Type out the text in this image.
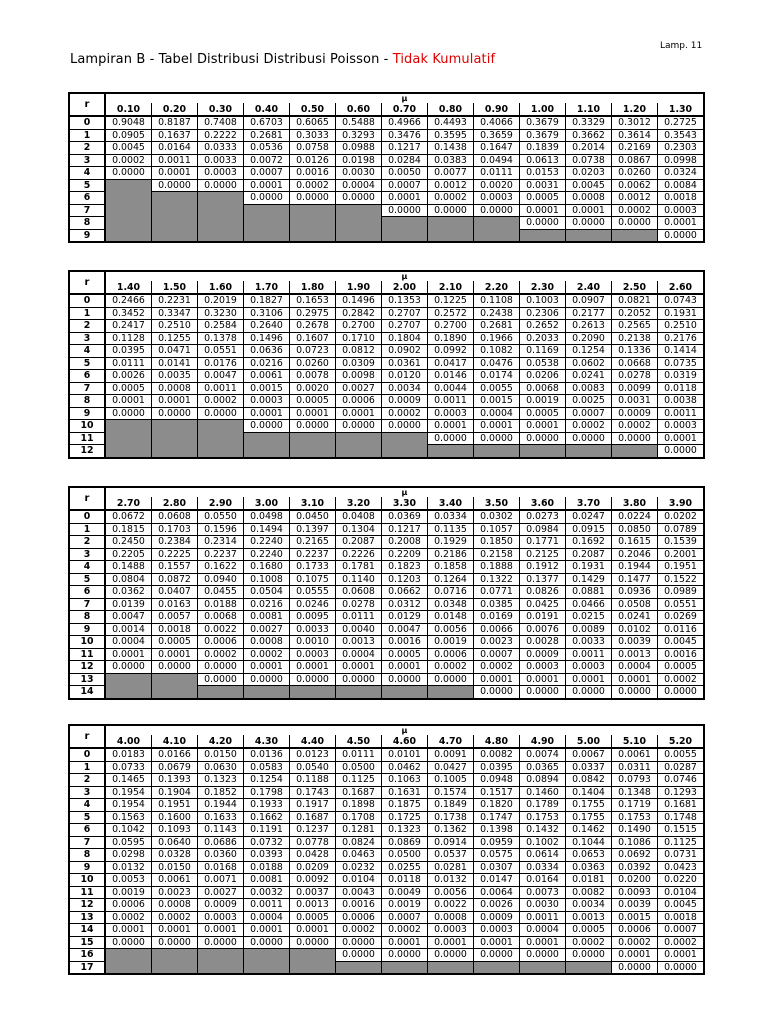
Lamp. 11
Lampiran B - Tabel Distribusi Distribusi Poisson - Tidak Kumulatif
r	μ												
	0.10	0.20	0.30	0.40	0.50	0.60	0.70	0.80	0.90	1.00	1.10	1.20	1.30
0	0.9048	0.8187	0.7408	0.6703	0.6065	0.5488	0.4966	0.4493	0.4066	0.3679	0.3329	0.3012	0.2725
1	0.0905	0.1637	0.2222	0.2681	0.3033	0.3293	0.3476	0.3595	0.3659	0.3679	0.3662	0.3614	0.3543
2	0.0045	0.0164	0.0333	0.0536	0.0758	0.0988	0.1217	0.1438	0.1647	0.1839	0.2014	0.2169	0.2303
3	0.0002	0.0011	0.0033	0.0072	0.0126	0.0198	0.0284	0.0383	0.0494	0.0613	0.0738	0.0867	0.0998
4	0.0000	0.0001	0.0003	0.0007	0.0016	0.0030	0.0050	0.0077	0.0111	0.0153	0.0203	0.0260	0.0324
5		0.0000	0.0000	0.0001	0.0002	0.0004	0.0007	0.0012	0.0020	0.0031	0.0045	0.0062	0.0084
6				0.0000	0.0000	0.0000	0.0001	0.0002	0.0003	0.0005	0.0008	0.0012	0.0018
7							0.0000	0.0000	0.0000	0.0001	0.0001	0.0002	0.0003
8										0.0000	0.0000	0.0000	0.0001
9													0.0000
r	μ												
	1.40	1.50	1.60	1.70	1.80	1.90	2.00	2.10	2.20	2.30	2.40	2.50	2.60
0	0.2466	0.2231	0.2019	0.1827	0.1653	0.1496	0.1353	0.1225	0.1108	0.1003	0.0907	0.0821	0.0743
1	0.3452	0.3347	0.3230	0.3106	0.2975	0.2842	0.2707	0.2572	0.2438	0.2306	0.2177	0.2052	0.1931
2	0.2417	0.2510	0.2584	0.2640	0.2678	0.2700	0.2707	0.2700	0.2681	0.2652	0.2613	0.2565	0.2510
3	0.1128	0.1255	0.1378	0.1496	0.1607	0.1710	0.1804	0.1890	0.1966	0.2033	0.2090	0.2138	0.2176
4	0.0395	0.0471	0.0551	0.0636	0.0723	0.0812	0.0902	0.0992	0.1082	0.1169	0.1254	0.1336	0.1414
5	0.0111	0.0141	0.0176	0.0216	0.0260	0.0309	0.0361	0.0417	0.0476	0.0538	0.0602	0.0668	0.0735
6	0.0026	0.0035	0.0047	0.0061	0.0078	0.0098	0.0120	0.0146	0.0174	0.0206	0.0241	0.0278	0.0319
7	0.0005	0.0008	0.0011	0.0015	0.0020	0.0027	0.0034	0.0044	0.0055	0.0068	0.0083	0.0099	0.0118
8	0.0001	0.0001	0.0002	0.0003	0.0005	0.0006	0.0009	0.0011	0.0015	0.0019	0.0025	0.0031	0.0038
9	0.0000	0.0000	0.0000	0.0001	0.0001	0.0001	0.0002	0.0003	0.0004	0.0005	0.0007	0.0009	0.0011
10				0.0000	0.0000	0.0000	0.0000	0.0001	0.0001	0.0001	0.0002	0.0002	0.0003
11								0.0000	0.0000	0.0000	0.0000	0.0000	0.0001
12													0.0000
r	μ												
	2.70	2.80	2.90	3.00	3.10	3.20	3.30	3.40	3.50	3.60	3.70	3.80	3.90
0	0.0672	0.0608	0.0550	0.0498	0.0450	0.0408	0.0369	0.0334	0.0302	0.0273	0.0247	0.0224	0.0202
1	0.1815	0.1703	0.1596	0.1494	0.1397	0.1304	0.1217	0.1135	0.1057	0.0984	0.0915	0.0850	0.0789
2	0.2450	0.2384	0.2314	0.2240	0.2165	0.2087	0.2008	0.1929	0.1850	0.1771	0.1692	0.1615	0.1539
3	0.2205	0.2225	0.2237	0.2240	0.2237	0.2226	0.2209	0.2186	0.2158	0.2125	0.2087	0.2046	0.2001
4	0.1488	0.1557	0.1622	0.1680	0.1733	0.1781	0.1823	0.1858	0.1888	0.1912	0.1931	0.1944	0.1951
5	0.0804	0.0872	0.0940	0.1008	0.1075	0.1140	0.1203	0.1264	0.1322	0.1377	0.1429	0.1477	0.1522
6	0.0362	0.0407	0.0455	0.0504	0.0555	0.0608	0.0662	0.0716	0.0771	0.0826	0.0881	0.0936	0.0989
7	0.0139	0.0163	0.0188	0.0216	0.0246	0.0278	0.0312	0.0348	0.0385	0.0425	0.0466	0.0508	0.0551
8	0.0047	0.0057	0.0068	0.0081	0.0095	0.0111	0.0129	0.0148	0.0169	0.0191	0.0215	0.0241	0.0269
9	0.0014	0.0018	0.0022	0.0027	0.0033	0.0040	0.0047	0.0056	0.0066	0.0076	0.0089	0.0102	0.0116
10	0.0004	0.0005	0.0006	0.0008	0.0010	0.0013	0.0016	0.0019	0.0023	0.0028	0.0033	0.0039	0.0045
11	0.0001	0.0001	0.0002	0.0002	0.0003	0.0004	0.0005	0.0006	0.0007	0.0009	0.0011	0.0013	0.0016
12	0.0000	0.0000	0.0000	0.0001	0.0001	0.0001	0.0001	0.0002	0.0002	0.0003	0.0003	0.0004	0.0005
13			0.0000	0.0000	0.0000	0.0000	0.0000	0.0000	0.0001	0.0001	0.0001	0.0001	0.0002
14									0.0000	0.0000	0.0000	0.0000	0.0000
r	μ												
	4.00	4.10	4.20	4.30	4.40	4.50	4.60	4.70	4.80	4.90	5.00	5.10	5.20
0	0.0183	0.0166	0.0150	0.0136	0.0123	0.0111	0.0101	0.0091	0.0082	0.0074	0.0067	0.0061	0.0055
1	0.0733	0.0679	0.0630	0.0583	0.0540	0.0500	0.0462	0.0427	0.0395	0.0365	0.0337	0.0311	0.0287
2	0.1465	0.1393	0.1323	0.1254	0.1188	0.1125	0.1063	0.1005	0.0948	0.0894	0.0842	0.0793	0.0746
3	0.1954	0.1904	0.1852	0.1798	0.1743	0.1687	0.1631	0.1574	0.1517	0.1460	0.1404	0.1348	0.1293
4	0.1954	0.1951	0.1944	0.1933	0.1917	0.1898	0.1875	0.1849	0.1820	0.1789	0.1755	0.1719	0.1681
5	0.1563	0.1600	0.1633	0.1662	0.1687	0.1708	0.1725	0.1738	0.1747	0.1753	0.1755	0.1753	0.1748
6	0.1042	0.1093	0.1143	0.1191	0.1237	0.1281	0.1323	0.1362	0.1398	0.1432	0.1462	0.1490	0.1515
7	0.0595	0.0640	0.0686	0.0732	0.0778	0.0824	0.0869	0.0914	0.0959	0.1002	0.1044	0.1086	0.1125
8	0.0298	0.0328	0.0360	0.0393	0.0428	0.0463	0.0500	0.0537	0.0575	0.0614	0.0653	0.0692	0.0731
9	0.0132	0.0150	0.0168	0.0188	0.0209	0.0232	0.0255	0.0281	0.0307	0.0334	0.0363	0.0392	0.0423
10	0.0053	0.0061	0.0071	0.0081	0.0092	0.0104	0.0118	0.0132	0.0147	0.0164	0.0181	0.0200	0.0220
11	0.0019	0.0023	0.0027	0.0032	0.0037	0.0043	0.0049	0.0056	0.0064	0.0073	0.0082	0.0093	0.0104
12	0.0006	0.0008	0.0009	0.0011	0.0013	0.0016	0.0019	0.0022	0.0026	0.0030	0.0034	0.0039	0.0045
13	0.0002	0.0002	0.0003	0.0004	0.0005	0.0006	0.0007	0.0008	0.0009	0.0011	0.0013	0.0015	0.0018
14	0.0001	0.0001	0.0001	0.0001	0.0001	0.0002	0.0002	0.0003	0.0003	0.0004	0.0005	0.0006	0.0007
15	0.0000	0.0000	0.0000	0.0000	0.0000	0.0000	0.0001	0.0001	0.0001	0.0001	0.0002	0.0002	0.0002
16						0.0000	0.0000	0.0000	0.0000	0.0000	0.0000	0.0001	0.0001
17												0.0000	0.0000
